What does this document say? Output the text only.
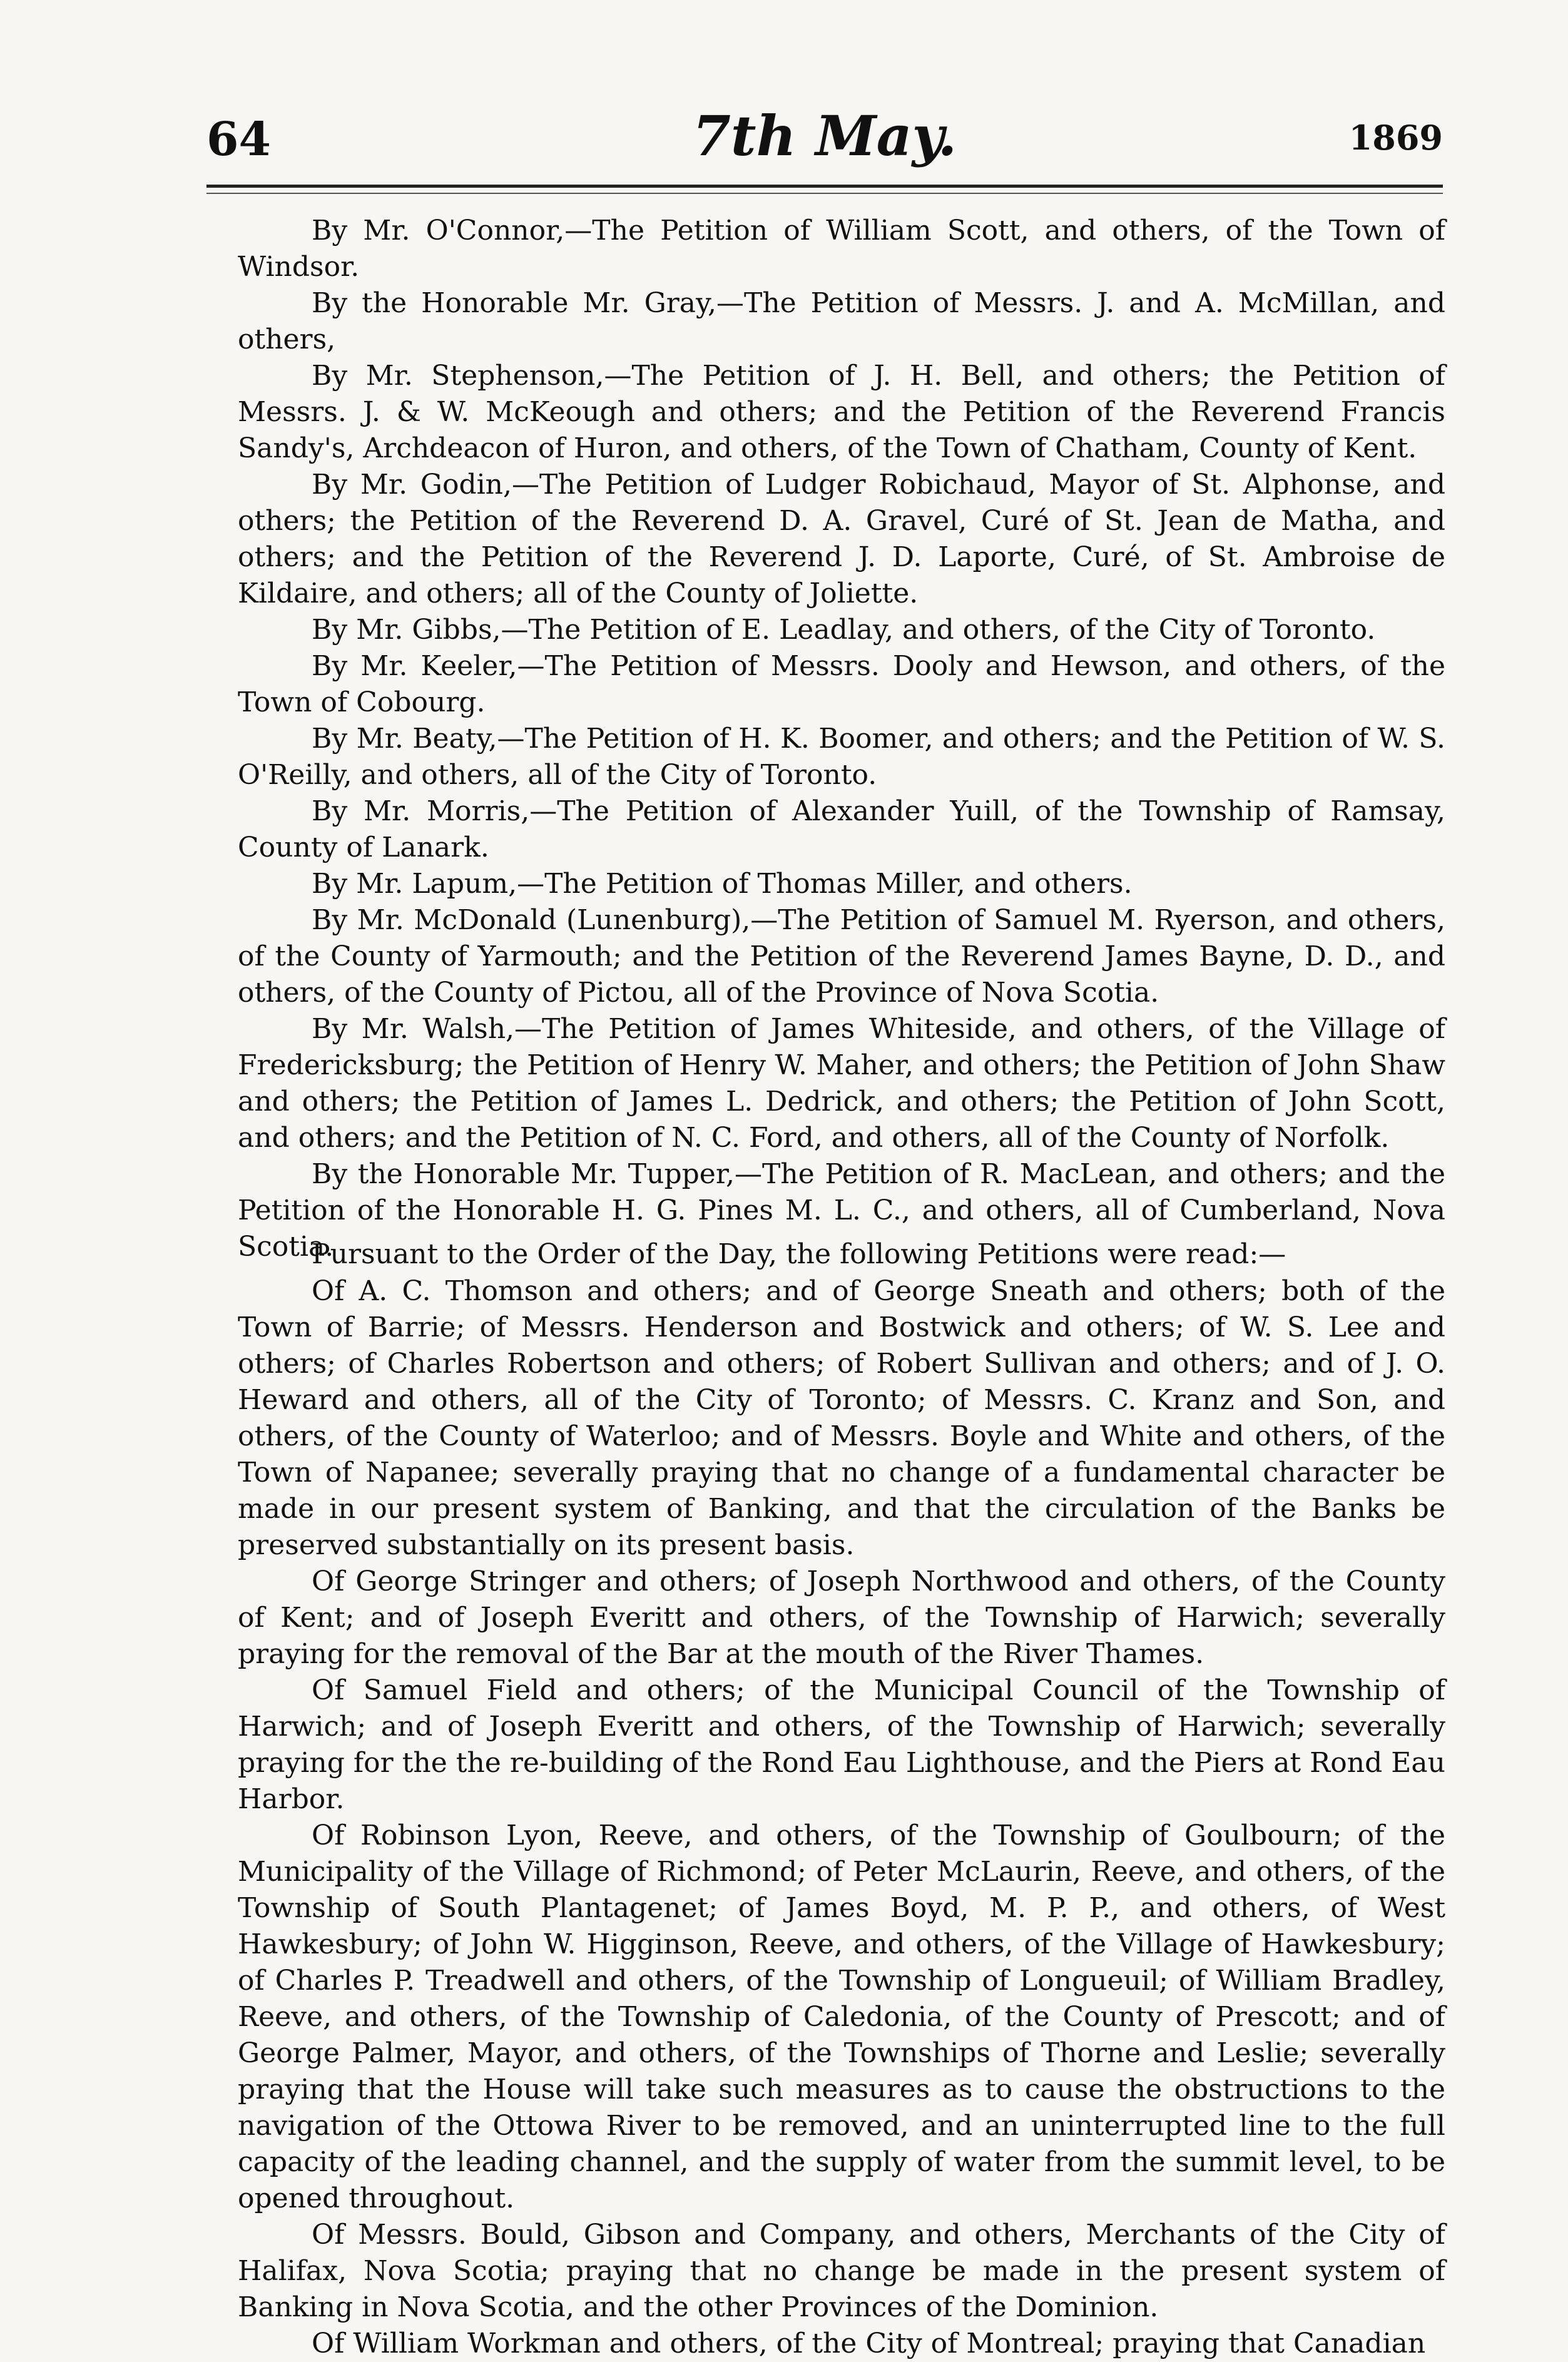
64	7th May.	1869

By Mr. O'Connor,—The Petition of William Scott, and others, of the Town of Windsor.

By the Honorable Mr. Gray,—The Petition of Messrs. J. and A. McMillan, and others,

By Mr. Stephenson,—The Petition of J. H. Bell, and others; the Petition of Messrs. J. & W. McKeough and others; and the Petition of the Reverend Francis Sandy's, Archdeacon of Huron, and others, of the Town of Chatham, County of Kent.

By Mr. Godin,—The Petition of Ludger Robichaud, Mayor of St. Alphonse, and others; the Petition of the Reverend D. A. Gravel, Curé of St. Jean de Matha, and others; and the Petition of the Reverend J. D. Laporte, Curé, of St. Ambroise de Kildaire, and others; all of the County of Joliette.

By Mr. Gibbs,—The Petition of E. Leadlay, and others, of the City of Toronto.

By Mr. Keeler,—The Petition of Messrs. Dooly and Hewson, and others, of the Town of Cobourg.

By Mr. Beaty,—The Petition of H. K. Boomer, and others; and the Petition of W. S. O'Reilly, and others, all of the City of Toronto.

By Mr. Morris,—The Petition of Alexander Yuill, of the Township of Ramsay, County of Lanark.

By Mr. Lapum,—The Petition of Thomas Miller, and others.

By Mr. McDonald (Lunenburg),—The Petition of Samuel M. Ryerson, and others, of the County of Yarmouth; and the Petition of the Reverend James Bayne, D. D., and others, of the County of Pictou, all of the Province of Nova Scotia.

By Mr. Walsh,—The Petition of James Whiteside, and others, of the Village of Fredericksburg; the Petition of Henry W. Maher, and others; the Petition of John Shaw and others; the Petition of James L. Dedrick, and others; the Petition of John Scott, and others; and the Petition of N. C. Ford, and others, all of the County of Norfolk.

By the Honorable Mr. Tupper,—The Petition of R. MacLean, and others; and the Petition of the Honorable H. G. Pines M. L. C., and others, all of Cumberland, Nova Scotia.

Pursuant to the Order of the Day, the following Petitions were read:—

Of A. C. Thomson and others; and of George Sneath and others; both of the Town of Barrie; of Messrs. Henderson and Bostwick and others; of W. S. Lee and others; of Charles Robertson and others; of Robert Sullivan and others; and of J. O. Heward and others, all of the City of Toronto; of Messrs. C. Kranz and Son, and others, of the County of Waterloo; and of Messrs. Boyle and White and others, of the Town of Napanee; severally praying that no change of a fundamental character be made in our present system of Banking, and that the circulation of the Banks be preserved substantially on its present basis.

Of George Stringer and others; of Joseph Northwood and others, of the County of Kent; and of Joseph Everitt and others, of the Township of Harwich; severally praying for the removal of the Bar at the mouth of the River Thames.

Of Samuel Field and others; of the Municipal Council of the Township of Harwich; and of Joseph Everitt and others, of the Township of Harwich; severally praying for the the re-building of the Rond Eau Lighthouse, and the Piers at Rond Eau Harbor.

Of Robinson Lyon, Reeve, and others, of the Township of Goulbourn; of the Municipality of the Village of Richmond; of Peter McLaurin, Reeve, and others, of the Township of South Plantagenet; of James Boyd, M. P. P., and others, of West Hawkesbury; of John W. Higginson, Reeve, and others, of the Village of Hawkesbury; of Charles P. Treadwell and others, of the Township of Longueuil; of William Bradley, Reeve, and others, of the Township of Caledonia, of the County of Prescott; and of George Palmer, Mayor, and others, of the Townships of Thorne and Leslie; severally praying that the House will take such measures as to cause the obstructions to the navigation of the Ottowa River to be removed, and an uninterrupted line to the full capacity of the leading channel, and the supply of water from the summit level, to be opened throughout.

Of Messrs. Bould, Gibson and Company, and others, Merchants of the City of Halifax, Nova Scotia; praying that no change be made in the present system of Banking in Nova Scotia, and the other Provinces of the Dominion.

Of William Workman and others, of the City of Montreal; praying that Canadian
